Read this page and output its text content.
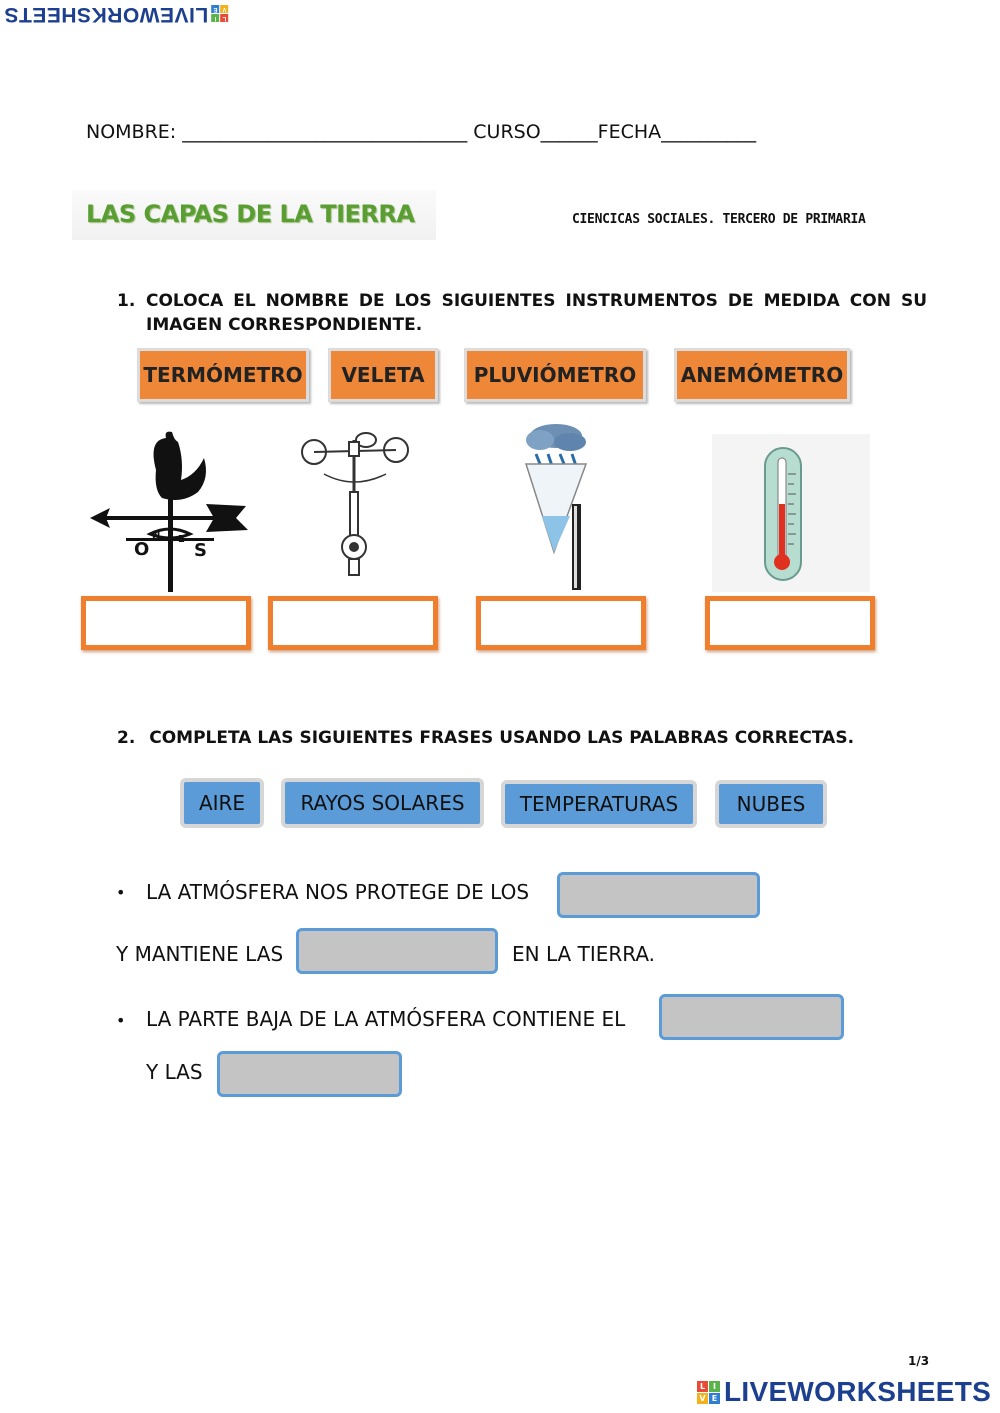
L
I
V
E
LIVEWORKSHEETS
NOMBRE: ______________________________ CURSO______FECHA__________
LAS CAPAS DE LA TIERRA	CIENCICAS SOCIALES. TERCERO DE PRIMARIA
1. COLOCA EL NOMBRE DE LOS SIGUIENTES INSTRUMENTOS DE MEDIDA CON SU IMAGEN CORRESPONDIENTE.
TERMÓMETRO	VELETA	PLUVIÓMETRO	ANEMÓMETRO
O S
N E
2. COMPLETA LAS SIGUIENTES FRASES USANDO LAS PALABRAS CORRECTAS.
AIRE	RAYOS SOLARES	TEMPERATURAS	NUBES
• LA ATMÓSFERA NOS PROTEGE DE LOS
Y MANTIENE LAS	EN LA TIERRA.
• LA PARTE BAJA DE LA ATMÓSFERA CONTIENE EL
Y LAS
1/3
L I
V E LIVEWORKSHEETS
